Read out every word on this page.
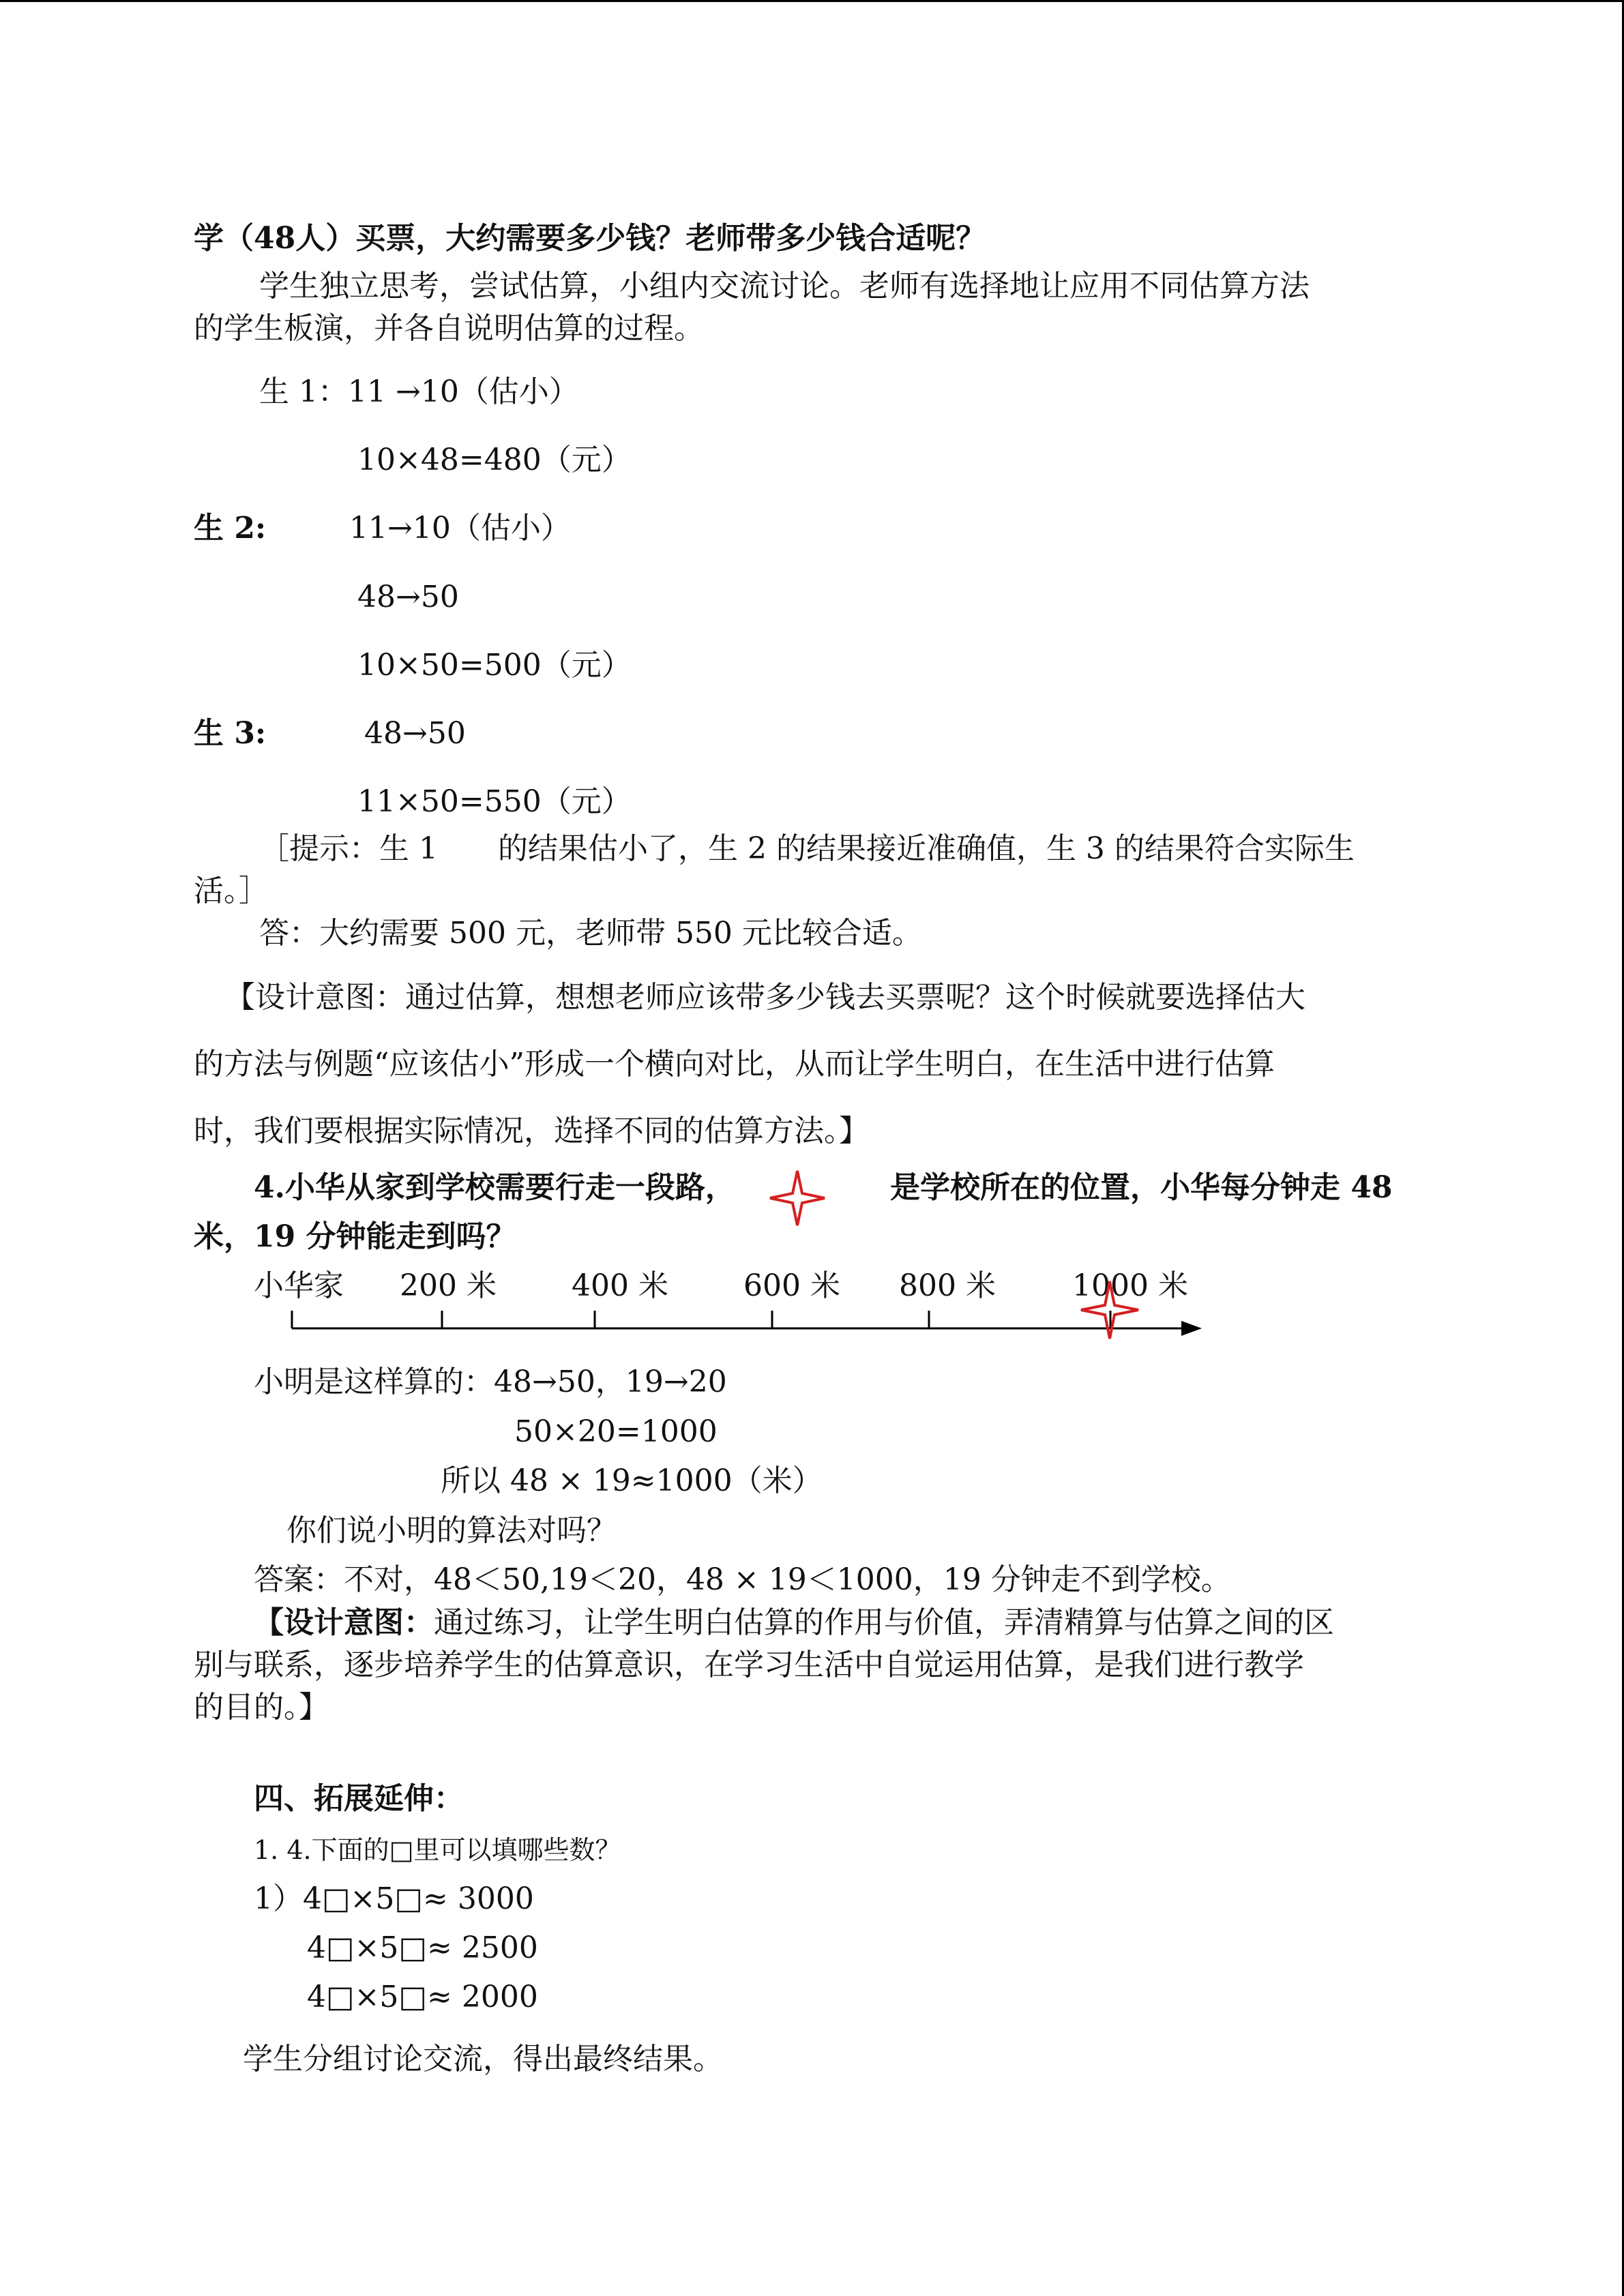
学（48人）买票，大约需要多少钱？老师带多少钱合适呢？
学生独立思考，尝试估算，小组内交流讨论。老师有选择地让应用不同估算方法
的学生板演，并各自说明估算的过程。
生 1：11 →10（估小）
10×48=480（元）
生 2:	11→10（估小）
48→50
10×50=500（元）
生 3:	48→50
11×50=550（元）
［提示：生 1　　的结果估小了，生 2 的结果接近准确值，生 3 的结果符合实际生
活。］
答：大约需要 500 元，老师带 550 元比较合适。
【设计意图：通过估算，想想老师应该带多少钱去买票呢？这个时候就要选择估大
的方法与例题“应该估小”形成一个横向对比，从而让学生明白，在生活中进行估算
时，我们要根据实际情况，选择不同的估算方法。】
4.小华从家到学校需要行走一段路，	是学校所在的位置，小华每分钟走 48
米，19 分钟能走到吗？
小华家 200 米	400 米	600 米 800 米	1000 米
小明是这样算的：48→50，19→20
50×20=1000
所以 48 × 19≈1000（米）
你们说小明的算法对吗？
答案：不对，48＜50,19＜20，48 × 19＜1000，19 分钟走不到学校。
【设计意图：通过练习，让学生明白估算的作用与价值，弄清精算与估算之间的区
别与联系，逐步培养学生的估算意识，在学习生活中自觉运用估算，是我们进行教学
的目的。】
四、拓展延伸：
1. 4.下面的□里可以填哪些数？
1）4□×5□≈ 3000
4□×5□≈ 2500
4□×5□≈ 2000
学生分组讨论交流，得出最终结果。
